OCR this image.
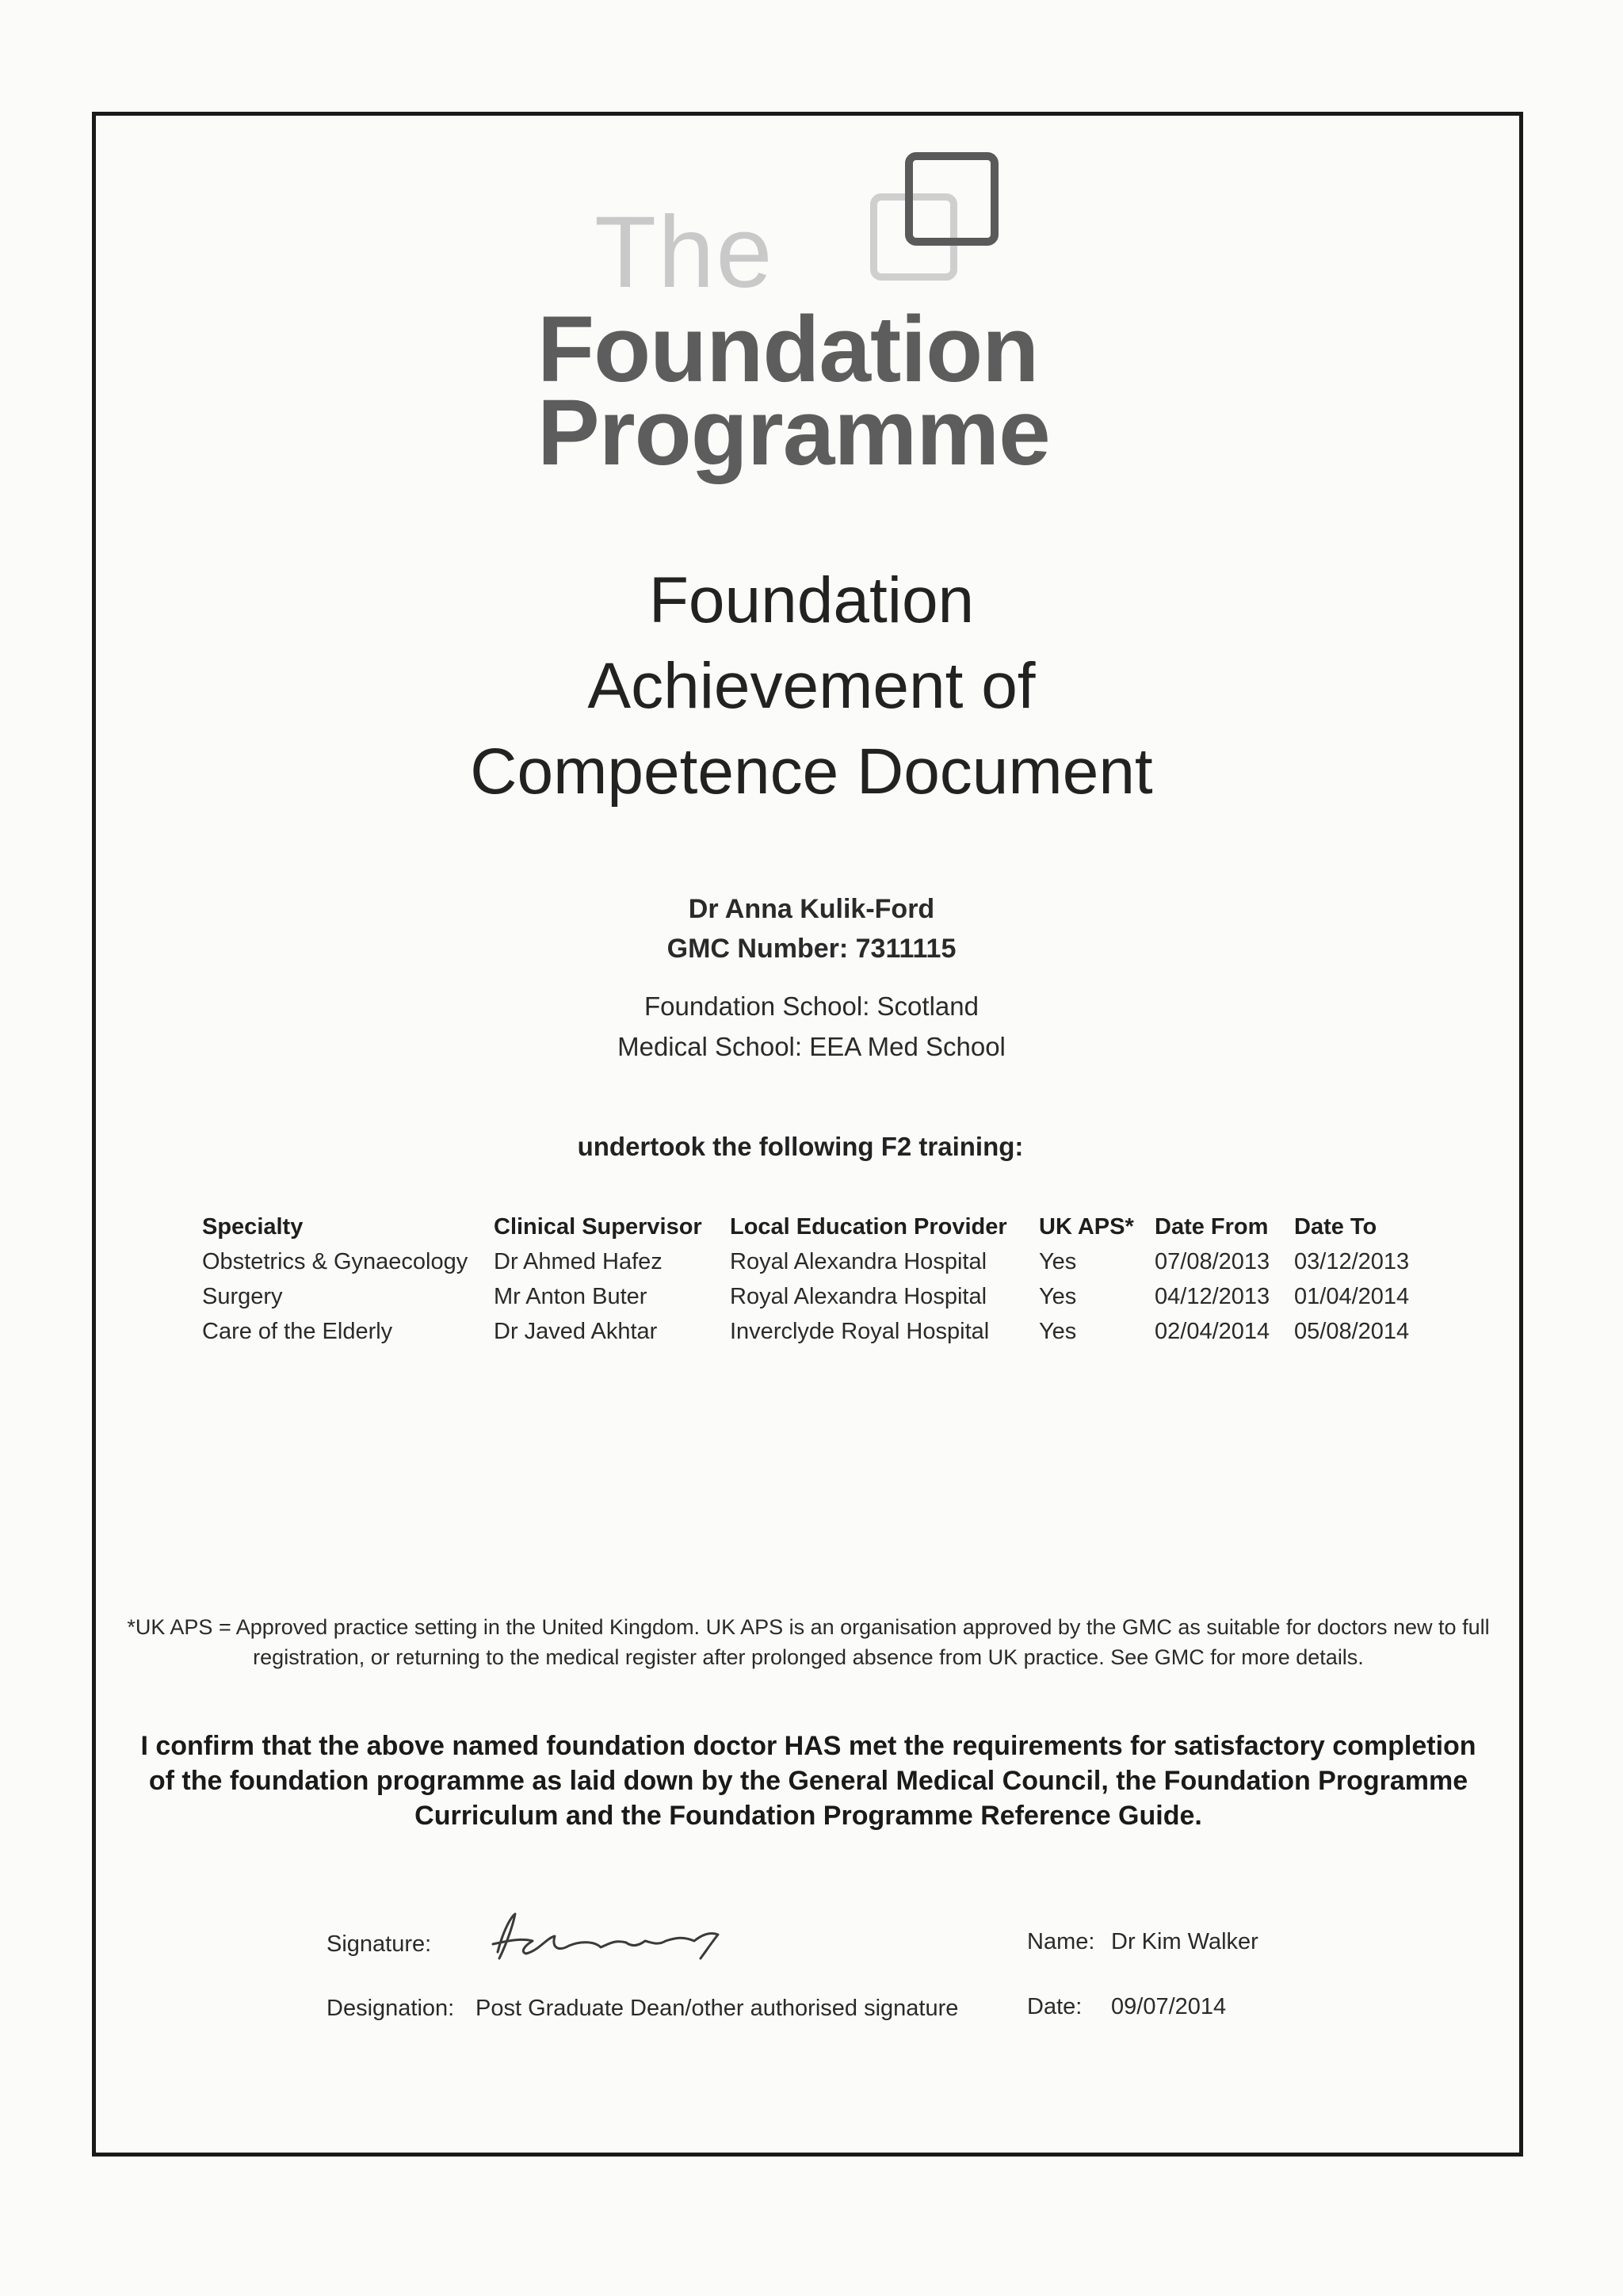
The
Foundation
Programme
Foundation
Achievement of
Competence Document
Dr Anna Kulik-Ford
GMC Number: 7311115
Foundation School: Scotland
Medical School: EEA Med School
undertook the following F2 training:
Specialty	Clinical Supervisor	Local Education Provider	UK APS*	Date From	Date To
Obstetrics & Gynaecology	Dr Ahmed Hafez	Royal Alexandra Hospital	Yes	07/08/2013	03/12/2013
Surgery	Mr Anton Buter	Royal Alexandra Hospital	Yes	04/12/2013	01/04/2014
Care of the Elderly	Dr Javed Akhtar	Inverclyde Royal Hospital	Yes	02/04/2014	05/08/2014
*UK APS = Approved practice setting in the United Kingdom. UK APS is an organisation approved by the GMC as suitable for doctors new to full registration, or returning to the medical register after prolonged absence from UK practice. See GMC for more details.
I confirm that the above named foundation doctor HAS met the requirements for satisfactory completion of the foundation programme as laid down by the General Medical Council, the Foundation Programme Curriculum and the Foundation Programme Reference Guide.
Signature:	Name: Dr Kim Walker
Designation: Post Graduate Dean/other authorised signature	Date: 09/07/2014
